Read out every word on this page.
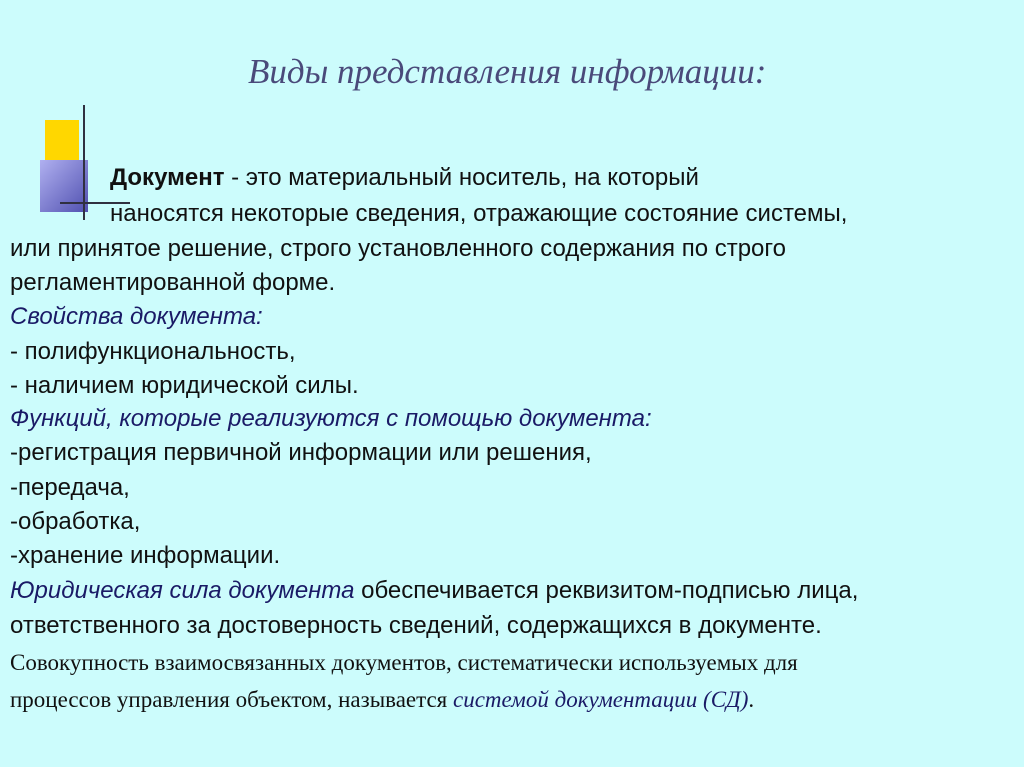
Виды представления информации:
Документ - это материальный носитель, на который
наносятся некоторые сведения, отражающие состояние системы,
или принятое решение, строго установленного содержания по строго
регламентированной форме.
Свойства документа:
- полифункциональность,
- наличием юридической силы.
Функций, которые реализуются с помощью документа:
-регистрация первичной информации или решения,
-передача,
-обработка,
-хранение информации.
Юридическая сила документа обеспечивается реквизитом-подписью лица,
ответственного за достоверность сведений, содержащихся в документе.
Совокупность взаимосвязанных документов, систематически используемых для
процессов управления объектом, называется системой документации (СД).
